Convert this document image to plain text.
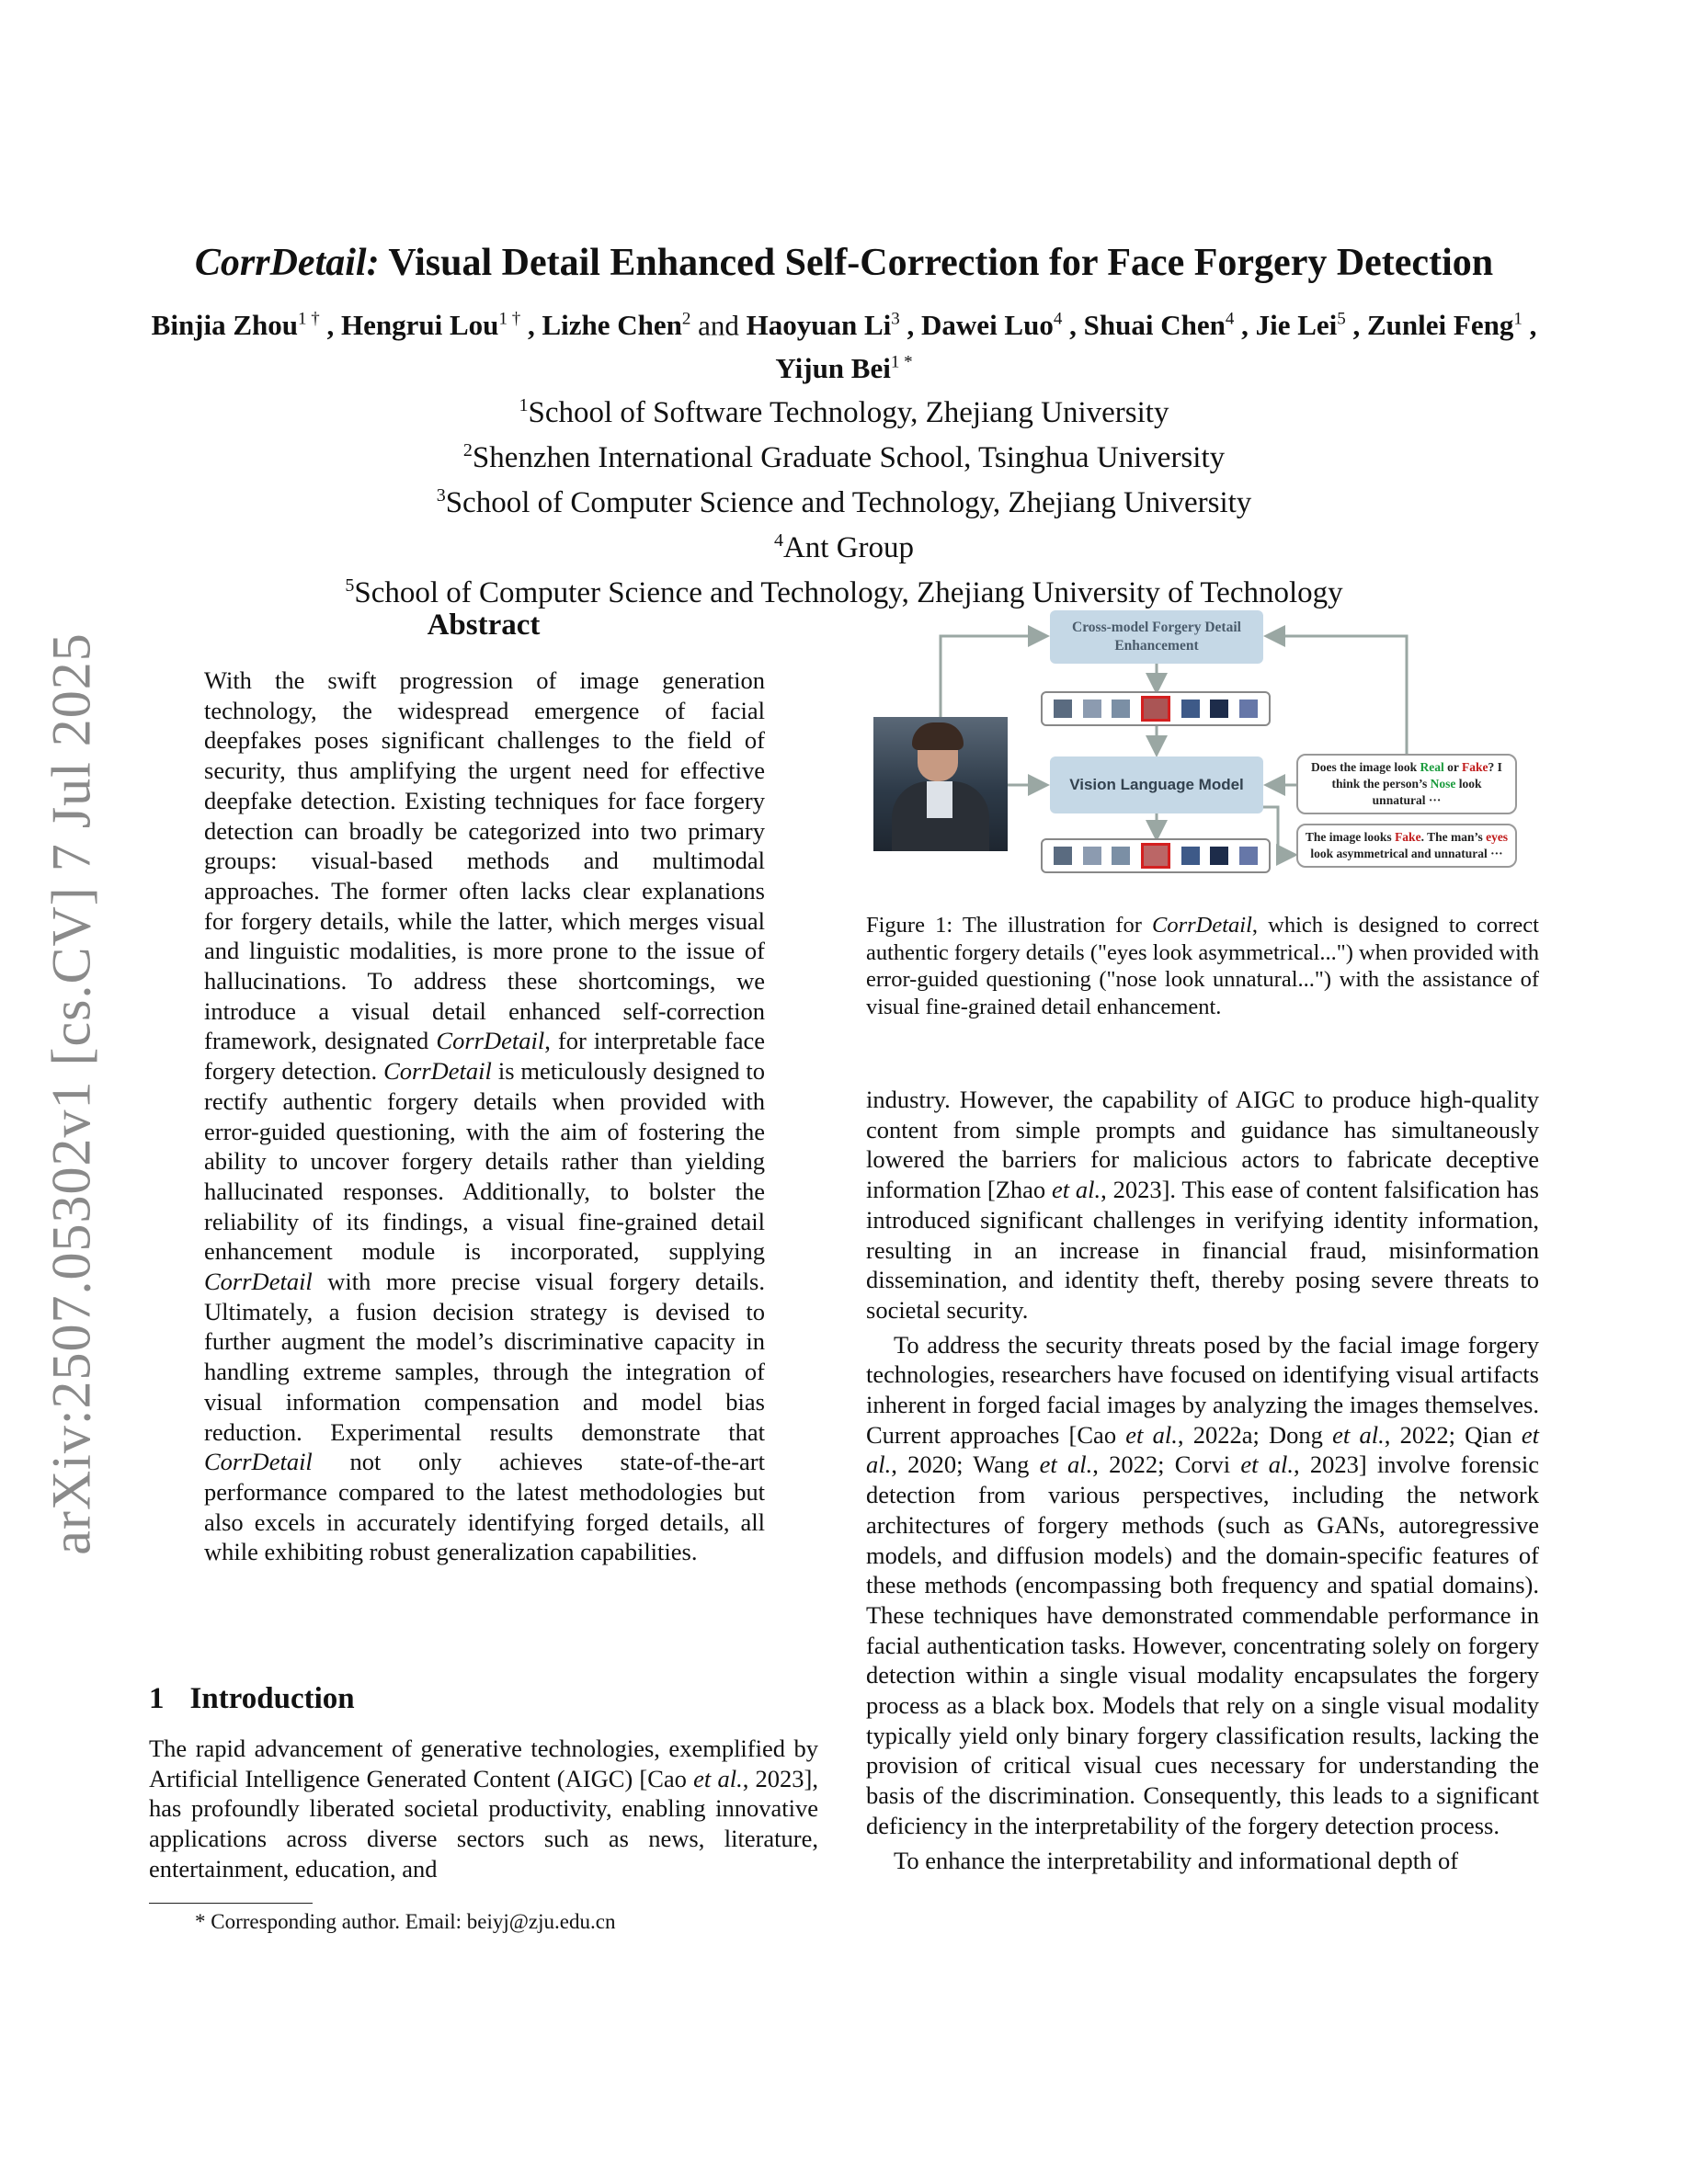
arXiv:2507.05302v1 [cs.CV] 7 Jul 2025
CorrDetail: Visual Detail Enhanced Self-Correction for Face Forgery Detection
Binjia Zhou$^{1 \dagger}$ , Hengrui Lou$^{1 \dagger}$ , Lizhe Chen$^2$ and Haoyuan Li$^3$ , Dawei Luo$^4$ , Shuai Chen$^4$ , Jie Lei$^5$ , Zunlei Feng$^1$ , Yijun Bei$^{1 *}$
$^1$School of Software Technology, Zhejiang University
$^2$Shenzhen International Graduate School, Tsinghua University
$^3$School of Computer Science and Technology, Zhejiang University
$^4$Ant Group
$^5$School of Computer Science and Technology, Zhejiang University of Technology
Abstract
With the swift progression of image generation technology, the widespread emergence of facial deepfakes poses significant challenges to the field of security, thus amplifying the urgent need for effective deepfake detection. Existing techniques for face forgery detection can broadly be categorized into two primary groups: visual-based methods and multimodal approaches. The former often lacks clear explanations for forgery details, while the latter, which merges visual and linguistic modalities, is more prone to the issue of hallucinations. To address these shortcomings, we introduce a visual detail enhanced self-correction framework, designated CorrDetail, for interpretable face forgery detection. CorrDetail is meticulously designed to rectify authentic forgery details when provided with error-guided questioning, with the aim of fostering the ability to uncover forgery details rather than yielding hallucinated responses. Additionally, to bolster the reliability of its findings, a visual fine-grained detail enhancement module is incorporated, supplying CorrDetail with more precise visual forgery details. Ultimately, a fusion decision strategy is devised to further augment the model’s discriminative capacity in handling extreme samples, through the integration of visual information compensation and model bias reduction. Experimental results demonstrate that CorrDetail not only achieves state-of-the-art performance compared to the latest methodologies but also excels in accurately identifying forged details, all while exhibiting robust generalization capabilities.
1 Introduction
The rapid advancement of generative technologies, exemplified by Artificial Intelligence Generated Content (AIGC) [Cao et al., 2023], has profoundly liberated societal productivity, enabling innovative applications across diverse sectors such as news, literature, entertainment, education, and
* Corresponding author. Email: beiyj@zju.edu.cn
Cross-model Forgery Detail Enhancement
Vision Language Model
Does the image look Real or Fake? I think the person’s Nose look unnatural ···
The image looks Fake. The man’s eyes look asymmetrical and unnatural ···
Figure 1: The illustration for CorrDetail, which is designed to correct authentic forgery details ("eyes look asymmetrical...") when provided with error-guided questioning ("nose look unnatural...") with the assistance of visual fine-grained detail enhancement.

industry. However, the capability of AIGC to produce high-quality content from simple prompts and guidance has simultaneously lowered the barriers for malicious actors to fabricate deceptive information [Zhao et al., 2023]. This ease of content falsification has introduced significant challenges in verifying identity information, resulting in an increase in financial fraud, misinformation dissemination, and identity theft, thereby posing severe threats to societal security.

To address the security threats posed by the facial image forgery technologies, researchers have focused on identifying visual artifacts inherent in forged facial images by analyzing the images themselves. Current approaches [Cao et al., 2022a; Dong et al., 2022; Qian et al., 2020; Wang et al., 2022; Corvi et al., 2023] involve forensic detection from various perspectives, including the network architectures of forgery methods (such as GANs, autoregressive models, and diffusion models) and the domain-specific features of these methods (encompassing both frequency and spatial domains). These techniques have demonstrated commendable performance in facial authentication tasks. However, concentrating solely on forgery detection within a single visual modality encapsulates the forgery process as a black box. Models that rely on a single visual modality typically yield only binary forgery classification results, lacking the provision of critical visual cues necessary for understanding the basis of the discrimination. Consequently, this leads to a significant deficiency in the interpretability of the forgery detection process.

To enhance the interpretability and informational depth of
